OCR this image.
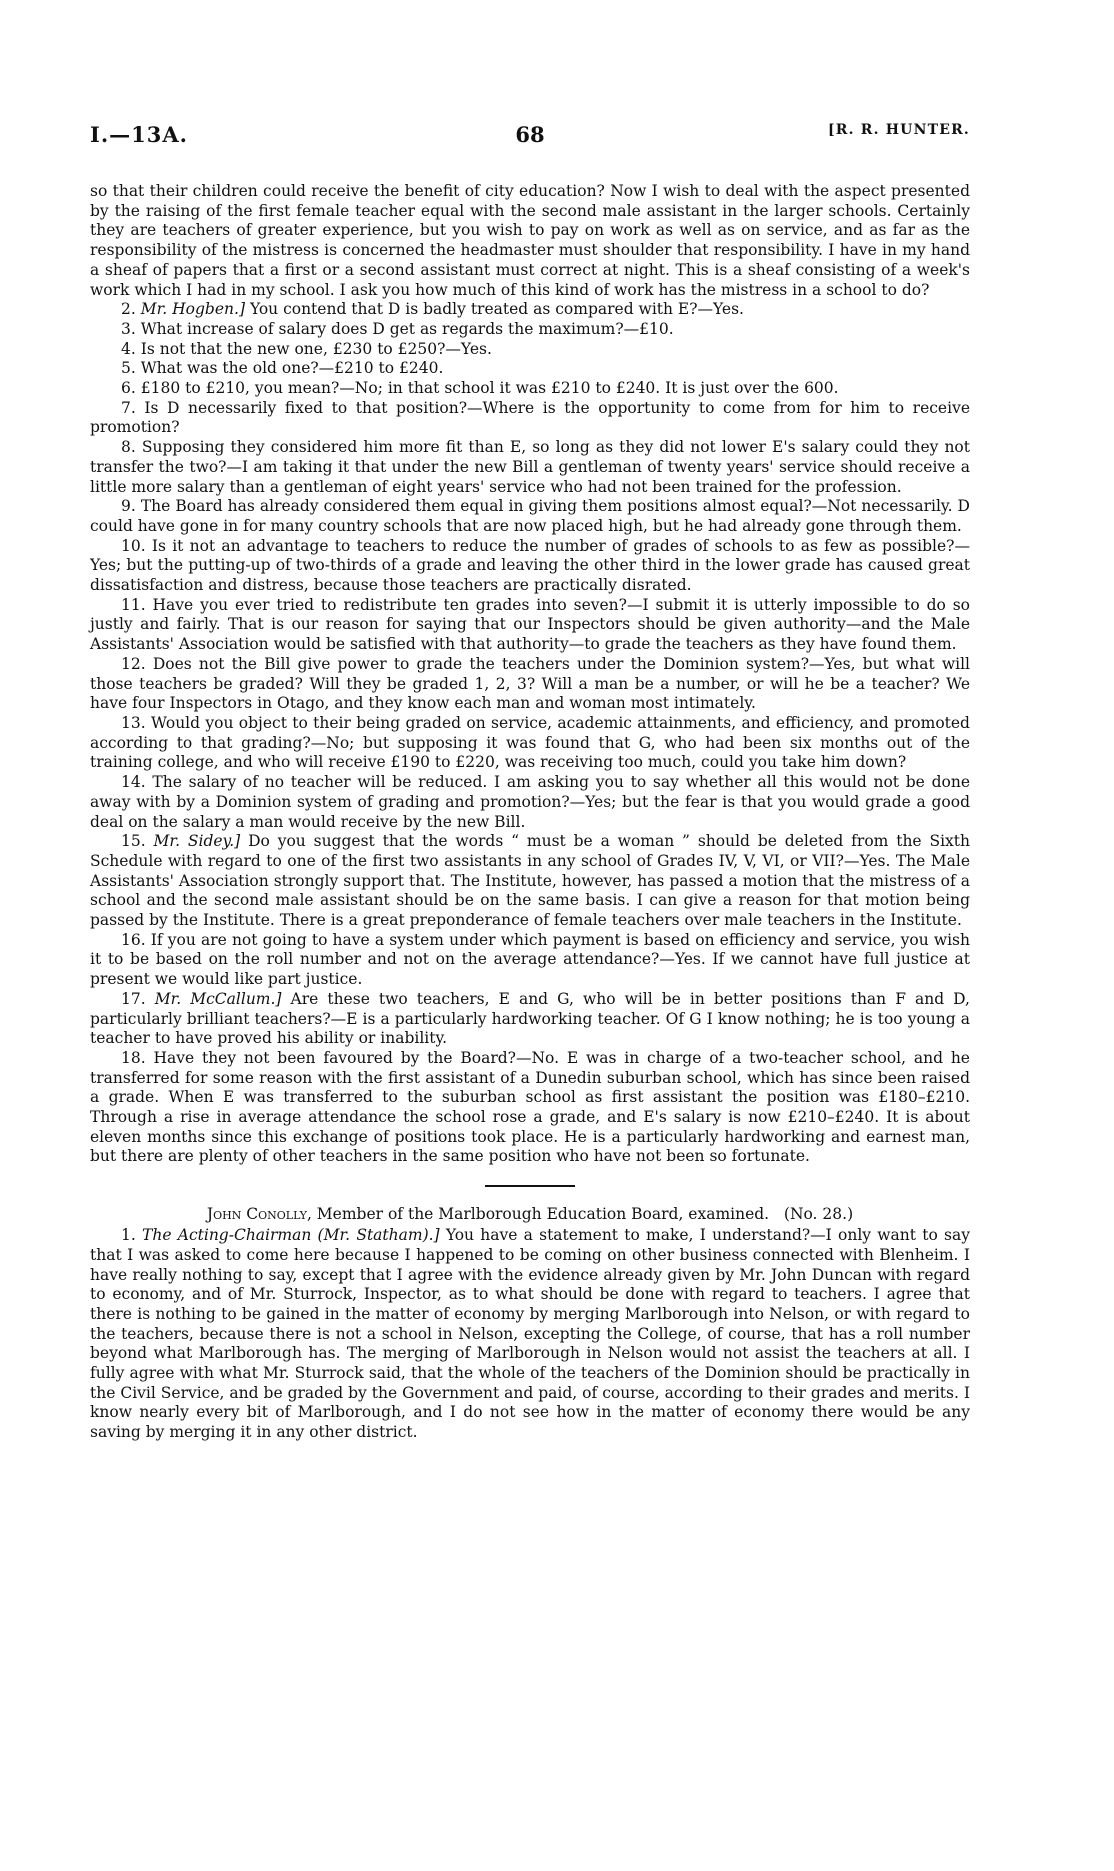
I.—13A.	68	[R. R. HUNTER.

so that their children could receive the benefit of city education? Now I wish to deal with the aspect presented by the raising of the first female teacher equal with the second male assistant in the larger schools. Certainly they are teachers of greater experience, but you wish to pay on work as well as on service, and as far as the responsibility of the mistress is concerned the headmaster must shoulder that responsibility. I have in my hand a sheaf of papers that a first or a second assistant must correct at night. This is a sheaf consisting of a week's work which I had in my school. I ask you how much of this kind of work has the mistress in a school to do?

2. Mr. Hogben.] You contend that D is badly treated as compared with E?—Yes.

3. What increase of salary does D get as regards the maximum?—£10.

4. Is not that the new one, £230 to £250?—Yes.

5. What was the old one?—£210 to £240.

6. £180 to £210, you mean?—No; in that school it was £210 to £240. It is just over the 600.

7. Is D necessarily fixed to that position?—Where is the opportunity to come from for him to receive promotion?

8. Supposing they considered him more fit than E, so long as they did not lower E's salary could they not transfer the two?—I am taking it that under the new Bill a gentleman of twenty years' service should receive a little more salary than a gentleman of eight years' service who had not been trained for the profession.

9. The Board has already considered them equal in giving them positions almost equal?—Not necessarily. D could have gone in for many country schools that are now placed high, but he had already gone through them.

10. Is it not an advantage to teachers to reduce the number of grades of schools to as few as possible?—Yes; but the putting-up of two-thirds of a grade and leaving the other third in the lower grade has caused great dissatisfaction and distress, because those teachers are practically disrated.

11. Have you ever tried to redistribute ten grades into seven?—I submit it is utterly impossible to do so justly and fairly. That is our reason for saying that our Inspectors should be given authority—and the Male Assistants' Association would be satisfied with that authority—to grade the teachers as they have found them.

12. Does not the Bill give power to grade the teachers under the Dominion system?—Yes, but what will those teachers be graded? Will they be graded 1, 2, 3? Will a man be a number, or will he be a teacher? We have four Inspectors in Otago, and they know each man and woman most intimately.

13. Would you object to their being graded on service, academic attainments, and efficiency, and promoted according to that grading?—No; but supposing it was found that G, who had been six months out of the training college, and who will receive £190 to £220, was receiving too much, could you take him down?

14. The salary of no teacher will be reduced. I am asking you to say whether all this would not be done away with by a Dominion system of grading and promotion?—Yes; but the fear is that you would grade a good deal on the salary a man would receive by the new Bill.

15. Mr. Sidey.] Do you suggest that the words “ must be a woman ” should be deleted from the Sixth Schedule with regard to one of the first two assistants in any school of Grades IV, V, VI, or VII?—Yes. The Male Assistants' Association strongly support that. The Institute, however, has passed a motion that the mistress of a school and the second male assistant should be on the same basis. I can give a reason for that motion being passed by the Institute. There is a great preponderance of female teachers over male teachers in the Institute.

16. If you are not going to have a system under which payment is based on efficiency and service, you wish it to be based on the roll number and not on the average attendance?—Yes. If we cannot have full justice at present we would like part justice.

17. Mr. McCallum.] Are these two teachers, E and G, who will be in better positions than F and D, particularly brilliant teachers?—E is a particularly hardworking teacher. Of G I know nothing; he is too young a teacher to have proved his ability or inability.

18. Have they not been favoured by the Board?—No. E was in charge of a two-teacher school, and he transferred for some reason with the first assistant of a Dunedin suburban school, which has since been raised a grade. When E was transferred to the suburban school as first assistant the position was £180–£210. Through a rise in average attendance the school rose a grade, and E's salary is now £210–£240. It is about eleven months since this exchange of positions took place. He is a particularly hardworking and earnest man, but there are plenty of other teachers in the same position who have not been so fortunate.

John Conolly, Member of the Marlborough Education Board, examined. (No. 28.)

1. The Acting-Chairman (Mr. Statham).] You have a statement to make, I understand?—I only want to say that I was asked to come here because I happened to be coming on other business connected with Blenheim. I have really nothing to say, except that I agree with the evidence already given by Mr. John Duncan with regard to economy, and of Mr. Sturrock, Inspector, as to what should be done with regard to teachers. I agree that there is nothing to be gained in the matter of economy by merging Marlborough into Nelson, or with regard to the teachers, because there is not a school in Nelson, excepting the College, of course, that has a roll number beyond what Marlborough has. The merging of Marlborough in Nelson would not assist the teachers at all. I fully agree with what Mr. Sturrock said, that the whole of the teachers of the Dominion should be practically in the Civil Service, and be graded by the Government and paid, of course, according to their grades and merits. I know nearly every bit of Marlborough, and I do not see how in the matter of economy there would be any saving by merging it in any other district.
